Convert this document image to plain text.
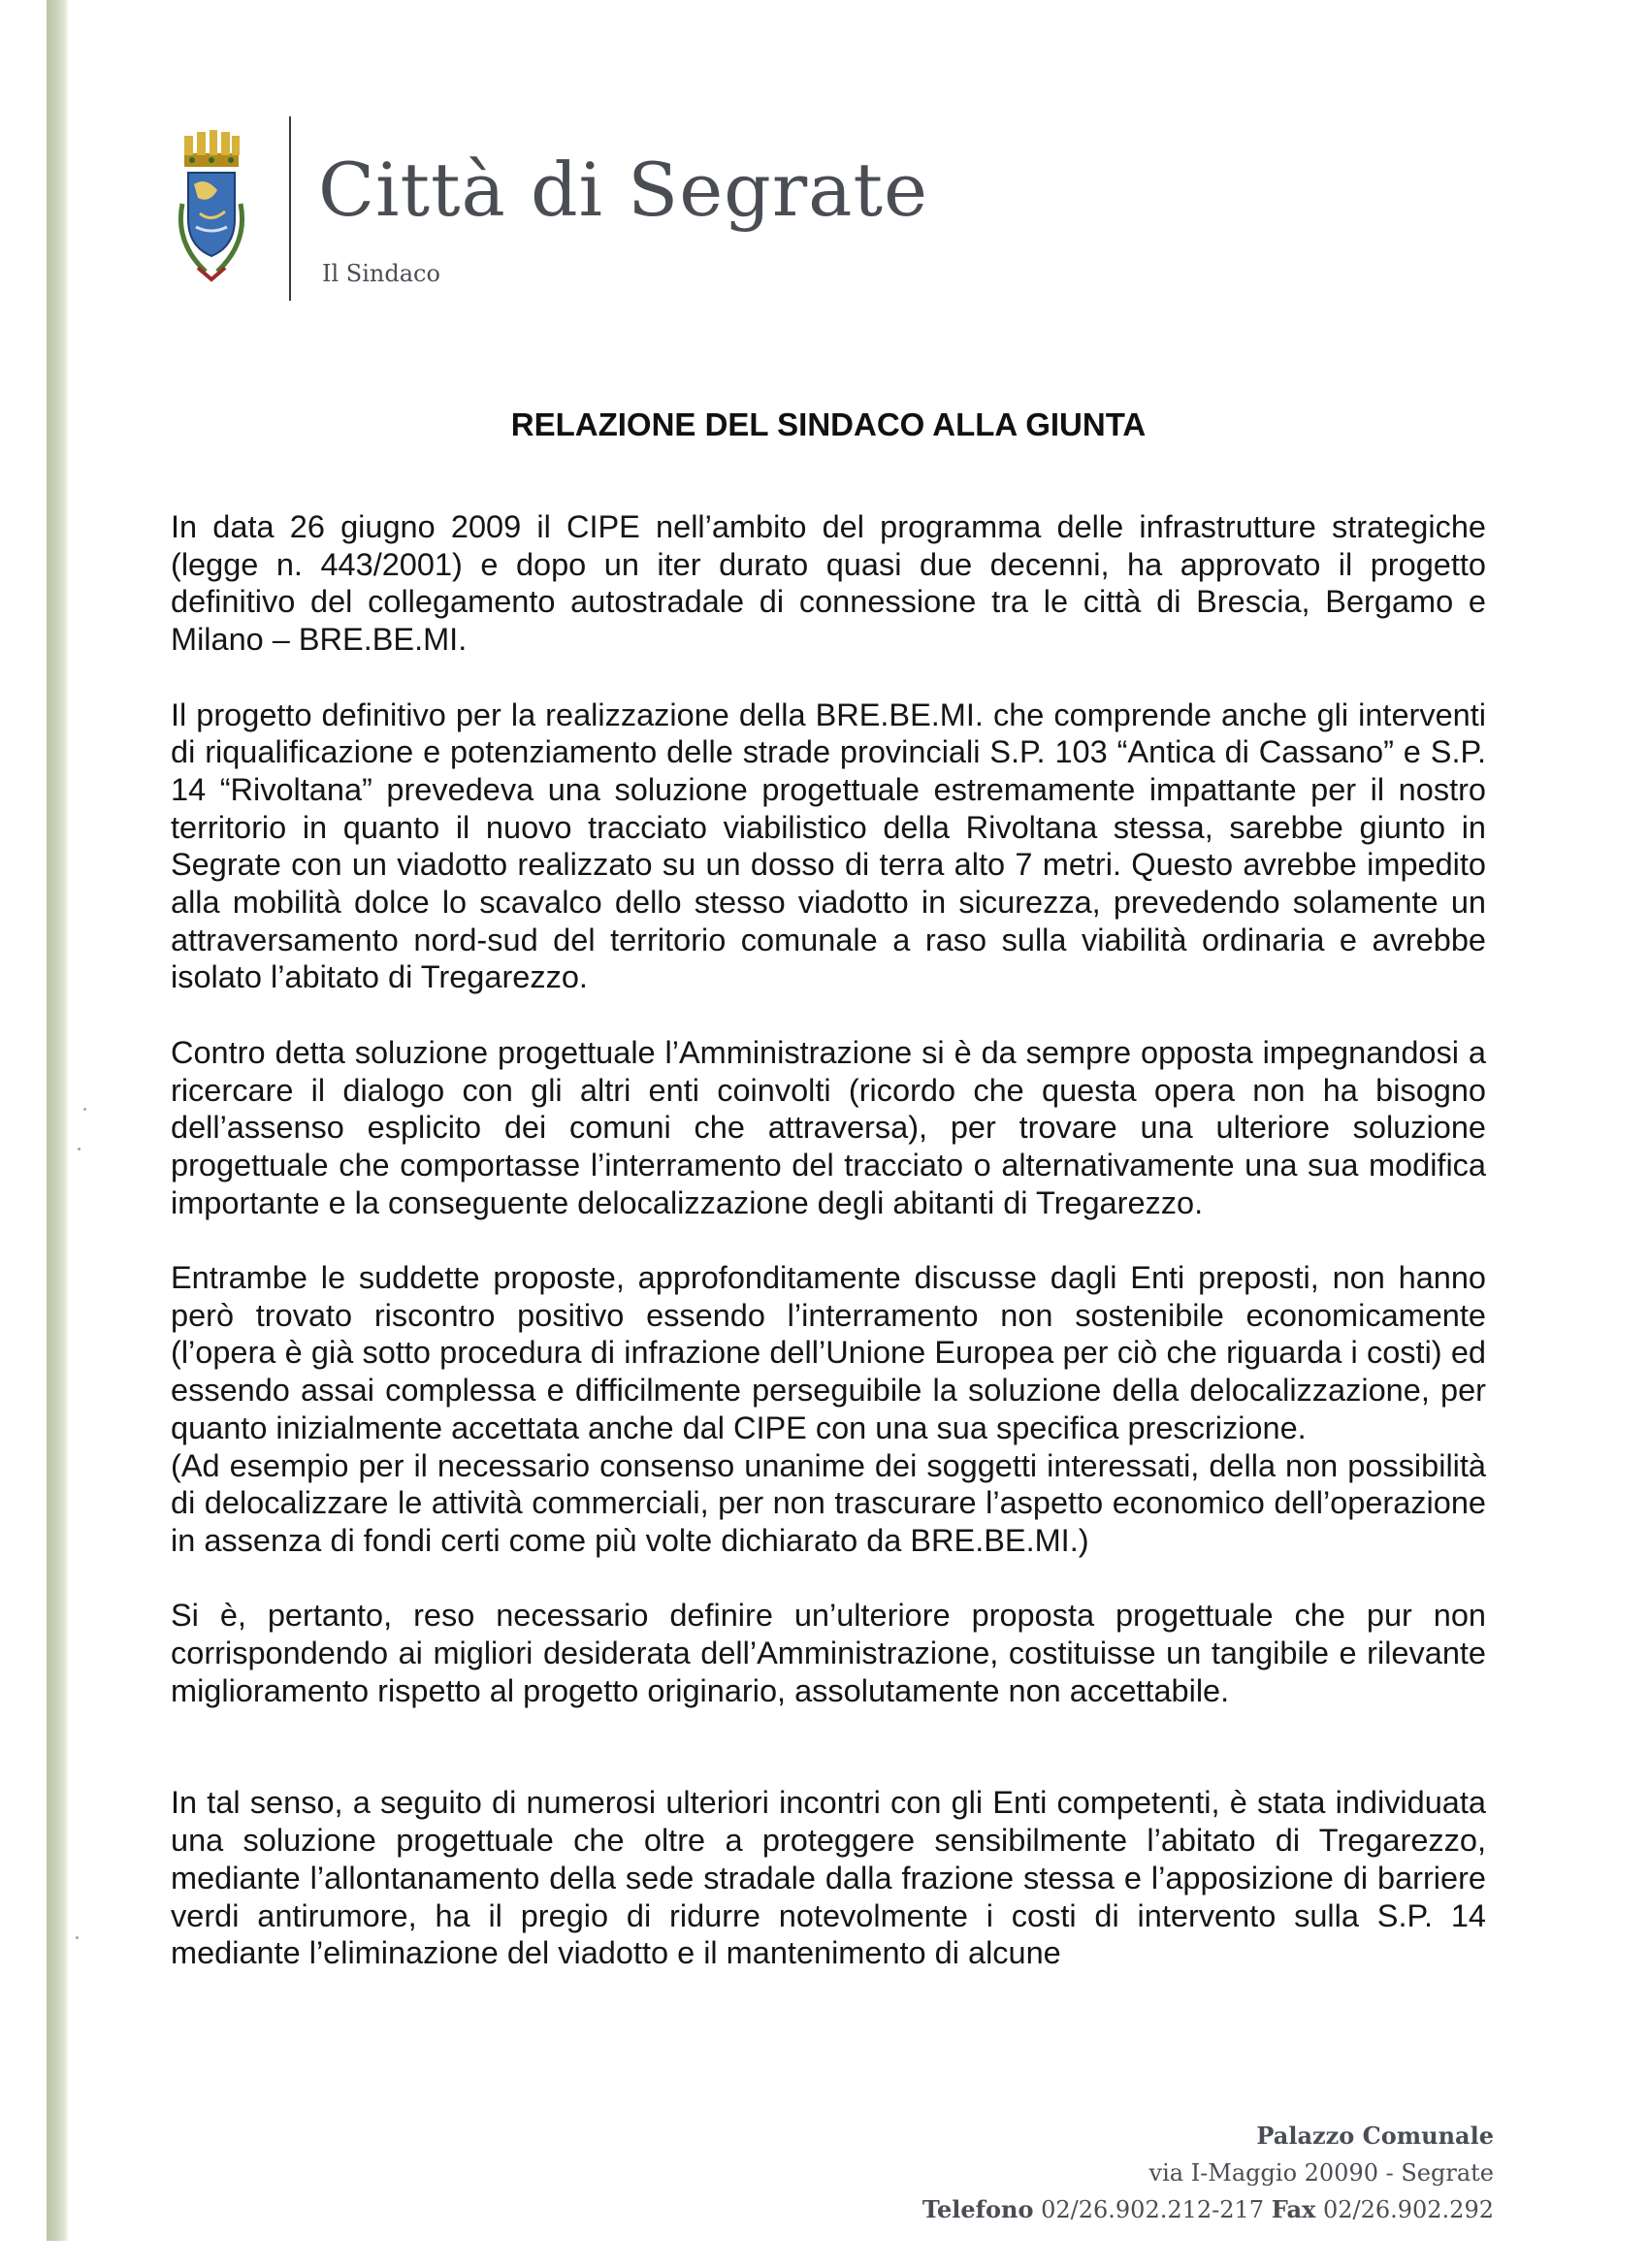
Città di Segrate
Il Sindaco
RELAZIONE DEL SINDACO ALLA GIUNTA

In data 26 giugno 2009 il CIPE nell’ambito del programma delle infrastrutture strategiche (legge n. 443/2001) e dopo un iter durato quasi due decenni, ha approvato il progetto definitivo del collegamento autostradale di connessione tra le città di Brescia, Bergamo e Milano – BRE.BE.MI.

Il progetto definitivo per la realizzazione della BRE.BE.MI. che comprende anche gli interventi di riqualificazione e potenziamento delle strade provinciali S.P. 103 “Antica di Cassano” e S.P. 14 “Rivoltana” prevedeva una soluzione progettuale estremamente impattante per il nostro territorio in quanto il nuovo tracciato viabilistico della Rivoltana stessa, sarebbe giunto in Segrate con un viadotto realizzato su un dosso di terra alto 7 metri. Questo avrebbe impedito alla mobilità dolce lo scavalco dello stesso viadotto in sicurezza, prevedendo solamente un attraversamento nord-sud del territorio comunale a raso sulla viabilità ordinaria e avrebbe isolato l’abitato di Tregarezzo.

Contro detta soluzione progettuale l’Amministrazione si è da sempre opposta impegnandosi a ricercare il dialogo con gli altri enti coinvolti (ricordo che questa opera non ha bisogno dell’assenso esplicito dei comuni che attraversa), per trovare una ulteriore soluzione progettuale che comportasse l’interramento del tracciato o alternativamente una sua modifica importante e la conseguente delocalizzazione degli abitanti di Tregarezzo.

Entrambe le suddette proposte, approfonditamente discusse dagli Enti preposti, non hanno però trovato riscontro positivo essendo l’interramento non sostenibile economicamente (l’opera è già sotto procedura di infrazione dell’Unione Europea per ciò che riguarda i costi) ed essendo assai complessa e difficilmente perseguibile la soluzione della delocalizzazione, per quanto inizialmente accettata anche dal CIPE con una sua specifica prescrizione.

(Ad esempio per il necessario consenso unanime dei soggetti interessati, della non possibilità di delocalizzare le attività commerciali, per non trascurare l’aspetto economico dell’operazione in assenza di fondi certi come più volte dichiarato da BRE.BE.MI.)

Si è, pertanto, reso necessario definire un’ulteriore proposta progettuale che pur non corrispondendo ai migliori desiderata dell’Amministrazione, costituisse un tangibile e rilevante miglioramento rispetto al progetto originario, assolutamente non accettabile.

In tal senso, a seguito di numerosi ulteriori incontri con gli Enti competenti, è stata individuata una soluzione progettuale che oltre a proteggere sensibilmente l’abitato di Tregarezzo, mediante l’allontanamento della sede stradale dalla frazione stessa e l’apposizione di barriere verdi antirumore, ha il pregio di ridurre notevolmente i costi di intervento sulla S.P. 14 mediante l’eliminazione del viadotto e il mantenimento di alcune

Palazzo Comunale
via I-Maggio 20090 - Segrate
Telefono 02/26.902.212-217 Fax 02/26.902.292
